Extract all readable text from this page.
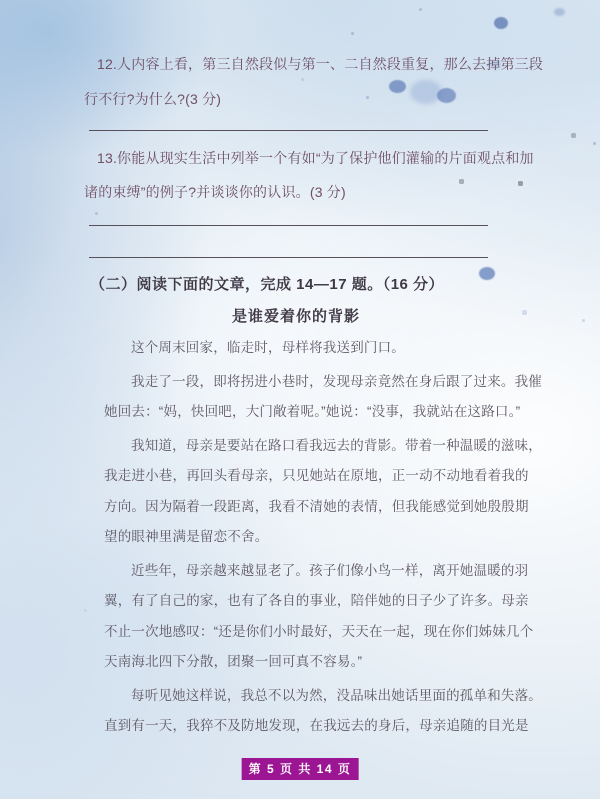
12.人内容上看，第三自然段似与第一、二自然段重复，那么去掉第三段
行不行?为什么?(3 分)
13.你能从现实生活中列举一个有如“为了保护他们灌输的片面观点和加
诸的束缚”的例子?并谈谈你的认识。(3 分)
（二）阅读下面的文章，完成 14—17 题。（16 分）
是谁爱着你的背影
这个周末回家，临走时，母样将我送到门口。
我走了一段，即将拐进小巷时，发现母亲竟然在身后跟了过来。我催
她回去：“妈，快回吧，大门敞着呢。”她说：“没事，我就站在这路口。”
我知道，母亲是要站在路口看我远去的背影。带着一种温暖的滋味，
我走进小巷，再回头看母亲，只见她站在原地，正一动不动地看着我的
方向。因为隔着一段距离，我看不清她的表情，但我能感觉到她殷殷期
望的眼神里满是留恋不舍。
近些年，母亲越来越显老了。孩子们像小鸟一样，离开她温暖的羽
翼，有了自己的家，也有了各自的事业，陪伴她的日子少了许多。母亲
不止一次地感叹：“还是你们小时最好，天天在一起，现在你们姊妹几个
天南海北四下分散，团聚一回可真不容易。”
每听见她这样说，我总不以为然，没品味出她话里面的孤单和失落。
直到有一天，我猝不及防地发现，在我远去的身后，母亲追随的目光是
第 5 页 共 14 页
